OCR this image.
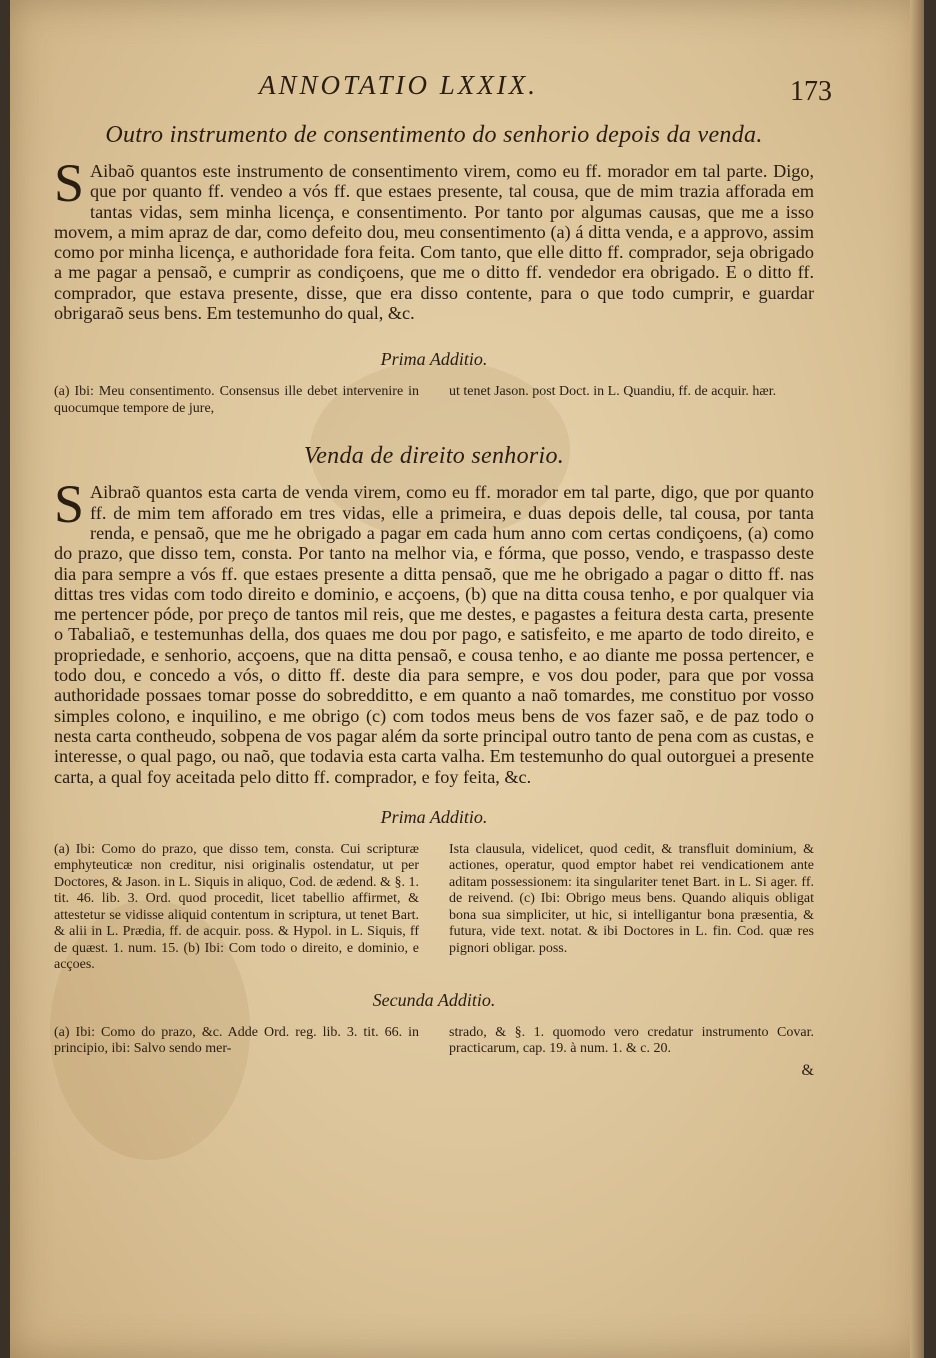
ANNOTATIO LXXIX.	173
Outro instrumento de consentimento do senhorio depois da venda.
S Aibaõ quantos este instrumento de consentimento virem, como eu ff. morador em tal parte. Digo, que por quanto ff. vendeo a vós ff. que estaes presente, tal cousa, que de mim trazia afforada em tantas vidas, sem minha licença, e consentimento. Por tanto por algumas causas, que me a isso movem, a mim apraz de dar, como defeito dou, meu consentimento (a) á ditta venda, e a approvo, assim como por minha licença, e authoridade fora feita. Com tanto, que elle ditto ff. comprador, seja obrigado a me pagar a pensaõ, e cumprir as condiçoens, que me o ditto ff. vendedor era obrigado. E o ditto ff. comprador, que estava presente, disse, que era disso contente, para o que todo cumprir, e guardar obrigaraõ seus bens. Em testemunho do qual, &c.
Prima Additio.
(a) Ibi: Meu consentimento. Consensus ille debet intervenire in quocumque tempore de jure,
ut tenet Jason. post Doct. in L. Quandiu, ff. de acquir. hær.
Venda de direito senhorio.
S Aibraõ quantos esta carta de venda virem, como eu ff. morador em tal parte, digo, que por quanto ff. de mim tem afforado em tres vidas, elle a primeira, e duas depois delle, tal cousa, por tanta renda, e pensaõ, que me he obrigado a pagar em cada hum anno com certas condiçoens, (a) como do prazo, que disso tem, consta. Por tanto na melhor via, e fórma, que posso, vendo, e traspasso deste dia para sempre a vós ff. que estaes presente a ditta pensaõ, que me he obrigado a pagar o ditto ff. nas dittas tres vidas com todo direito e dominio, e acçoens, (b) que na ditta cousa tenho, e por qualquer via me pertencer póde, por preço de tantos mil reis, que me destes, e pagastes a feitura desta carta, presente o Tabaliaõ, e testemunhas della, dos quaes me dou por pago, e satisfeito, e me aparto de todo direito, e propriedade, e senhorio, acçoens, que na ditta pensaõ, e cousa tenho, e ao diante me possa pertencer, e todo dou, e concedo a vós, o ditto ff. deste dia para sempre, e vos dou poder, para que por vossa authoridade possaes tomar posse do sobredditto, e em quanto a naõ tomardes, me constituo por vosso simples colono, e inquilino, e me obrigo (c) com todos meus bens de vos fazer saõ, e de paz todo o nesta carta contheudo, sobpena de vos pagar além da sorte principal outro tanto de pena com as custas, e interesse, o qual pago, ou naõ, que todavia esta carta valha. Em testemunho do qual outorguei a presente carta, a qual foy aceitada pelo ditto ff. comprador, e foy feita, &c.
Prima Additio.
(a) Ibi: Como do prazo, que disso tem, consta. Cui scripturæ emphyteuticæ non creditur, nisi originalis ostendatur, ut per Doctores, & Jason. in L. Siquis in aliquo, Cod. de ædend. & §. 1. tit. 46. lib. 3. Ord. quod procedit, licet tabellio affirmet, & attestetur se vidisse aliquid contentum in scriptura, ut tenet Bart. & alii in L. Prædia, ff. de acquir. poss. & Hypol. in L. Siquis, ff de quæst. 1. num. 15. (b) Ibi: Com todo o direito, e dominio, e acçoes.
Ista clausula, videlicet, quod cedit, & transfluit dominium, & actiones, operatur, quod emptor habet rei vendicationem ante aditam possessionem: ita singulariter tenet Bart. in L. Si ager. ff. de reivend. (c) Ibi: Obrigo meus bens. Quando aliquis obligat bona sua simpliciter, ut hic, si intelligantur bona præsentia, & futura, vide text. notat. & ibi Doctores in L. fin. Cod. quæ res pignori obligar. poss.
Secunda Additio.
(a) Ibi: Como do prazo, &c. Adde Ord. reg. lib. 3. tit. 66. in principio, ibi: Salvo sendo mer-
strado, & §. 1. quomodo vero credatur instrumento Covar. practicarum, cap. 19. à num. 1. & c. 20.
&
